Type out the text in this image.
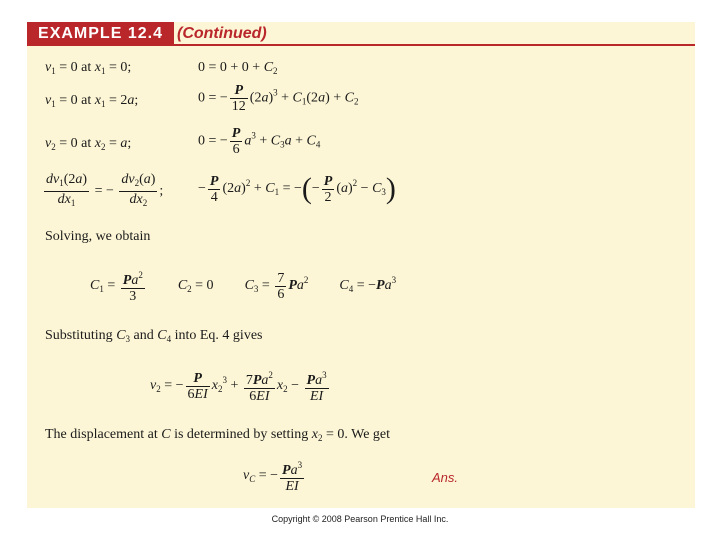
EXAMPLE 12.4 (Continued)
$v_1 = 0$ at $x_1 = 0$;	$0 = 0 + 0 + C_2$
$v_1 = 0$ at $x_1 = 2a$;	0 = − $\frac{P}{12} (2a)^3 + C_1(2a) + C_2$
$v_2 = 0$ at $x_2 = a$;	0 = − $\frac{P}{6} a^3 + C_3a + C_4$
$\frac{dv_1(2a)}{dx_1}$ = − $\frac{dv_2(a)}{dx_2}$ ; − $\frac{P}{4} (2a)^2 + C_1$ = −(− $\frac{P}{2} (a)^2 - C_3$)
Solving, we obtain
$C_1 = \frac{Pa^2}{3} C_2 = 0$  $C_3 = \frac{7}{6} Pa^2$ $C_4 = -Pa^3$
Substituting $C_3$ and $C_4$ into Eq. 4 gives
$v_2$ = − $\frac{P}{6EI} x_2^3 + \frac{7Pa^2}{6EI} x_2 - \frac{Pa^3}{EI}$
The displacement at C is determined by setting $x_2 = 0$. We get
$v_C$ = − $\frac{Pa^3}{EI}$	Ans.
Copyright © 2008 Pearson Prentice Hall Inc.
